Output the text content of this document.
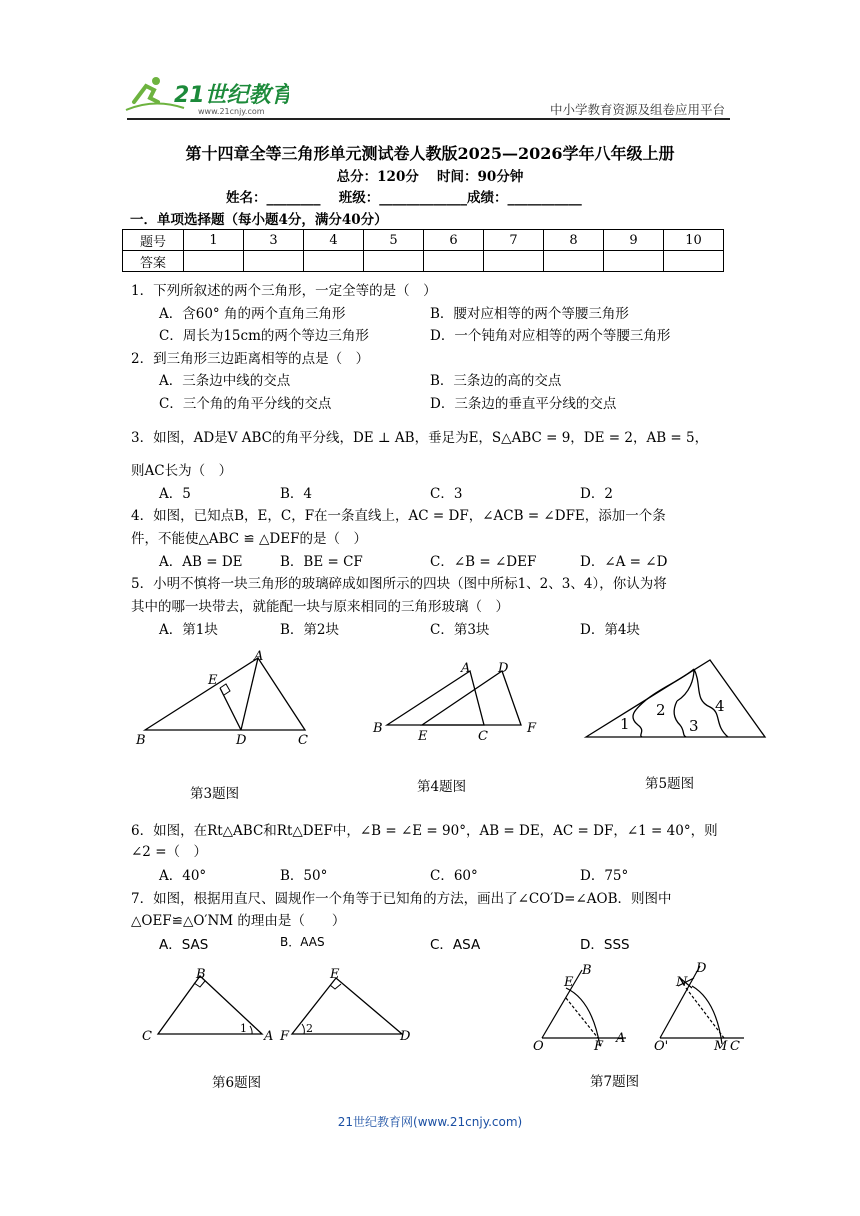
21世纪教育
www.21cnjy.com	中小学教育资源及组卷应用平台
第十四章全等三角形单元测试卷人教版2025—2026学年八年级上册
总分：120分　 时间：90分钟
姓名：________　 班级：_____________成绩：___________
一．单项选择题（每小题4分，满分40分）
题号	1	3	4	5	6	7	8	9	10
答案									
1．下列所叙述的两个三角形，一定全等的是（　）
A．含60° 角的两个直角三角形	B．腰对应相等的两个等腰三角形
C．周长为15cm的两个等边三角形	D．一个钝角对应相等的两个等腰三角形
2．到三角形三边距离相等的点是（　）
A．三条边中线的交点	B．三条边的高的交点
C．三个角的角平分线的交点	D．三条边的垂直平分线的交点
3．如图，AD是V ABC的角平分线，DE ⊥ AB，垂足为E，S△ABC = 9，DE = 2，AB = 5，
则AC长为（　）
A．5	B．4	C．3	D．2
4．如图，已知点B，E，C，F在一条直线上，AC = DF，∠ACB = ∠DFE，添加一个条
件，不能使△ABC ≌ △DEF的是（　）
A．AB = DE	B．BE = CF	C．∠B = ∠DEF	D．∠A = ∠D
5．小明不慎将一块三角形的玻璃碎成如图所示的四块（图中所标1、2、3、4），你认为将
其中的哪一块带去，就能配一块与原来相同的三角形玻璃（　）
A．第1块	B．第2块	C．第3块	D．第4块
A
E
B	D	C
A D
B
E	C
F	1
2
3
4
第3题图	第4题图	第5题图
6．如图，在Rt△ABC和Rt△DEF中，∠B = ∠E = 90°，AB = DE，AC = DF，∠1 = 40°，则
∠2 =（　）
A．40°	B．50°	C．60°	D．75°
7．如图，根据用直尺、圆规作一个角等于已知角的方法，画出了∠CO′D=∠AOB．则图中
△OEF≌△O′NM 的理由是（　　）
A．SAS	B．AAS	C．ASA	D．SSS
B
C
1
A
E
F
2
D
E
B
O	F
A
D
N
O'	M C
第6题图	第7题图
21世纪教育网(www.21cnjy.com)
